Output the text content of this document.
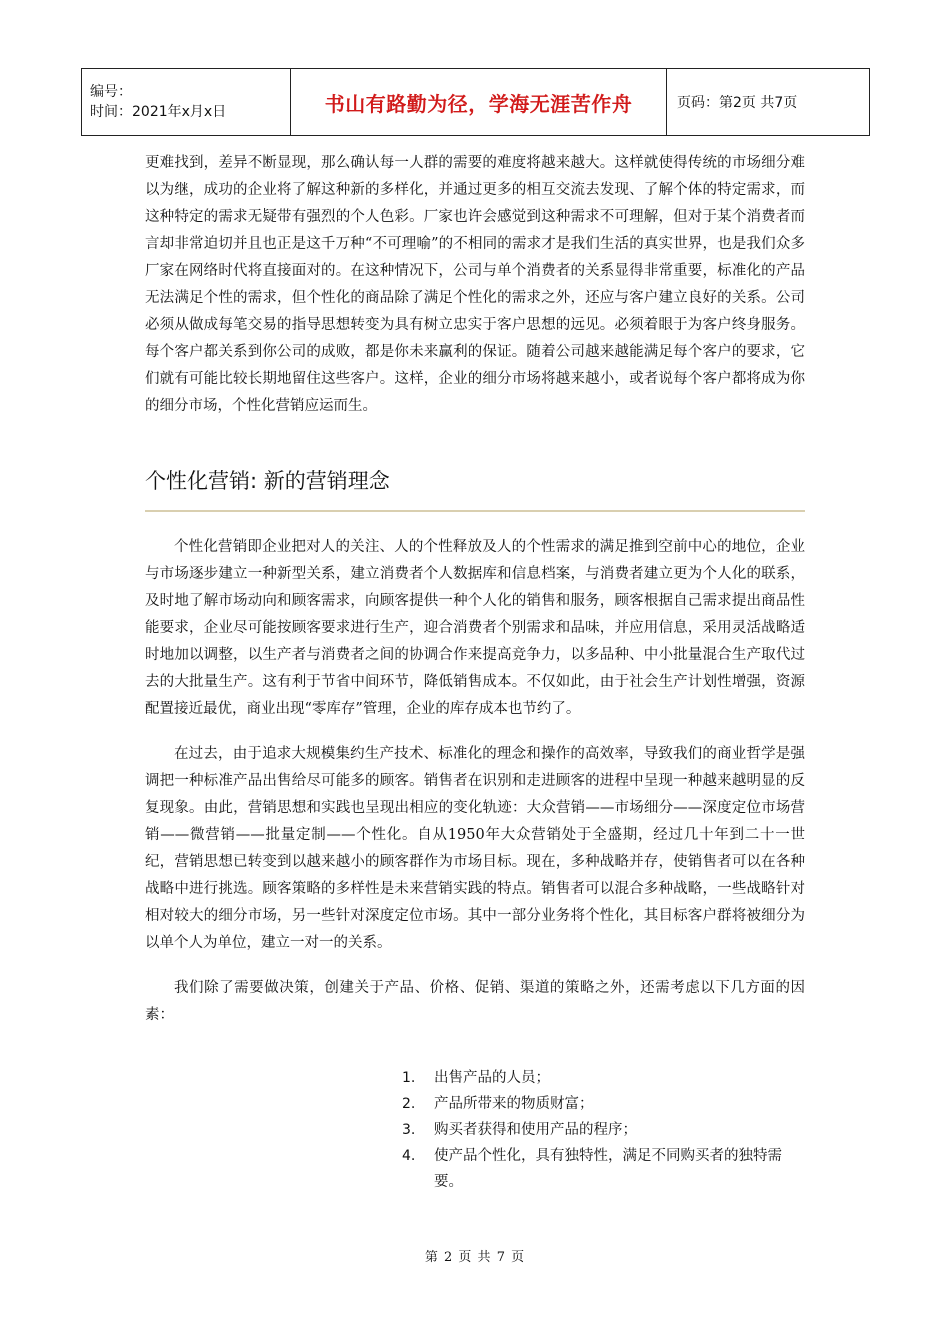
编号：
时间：2021年x月x日	书山有路勤为径，学海无涯苦作舟	页码：第2页 共7页

更难找到，差异不断显现，那么确认每一人群的需要的难度将越来越大。这样就使得传统的市场细分难以为继，成功的企业将了解这种新的多样化，并通过更多的相互交流去发现、了解个体的特定需求，而这种特定的需求无疑带有强烈的个人色彩。厂家也许会感觉到这种需求不可理解，但对于某个消费者而言却非常迫切并且也正是这千万种“不可理喻”的不相同的需求才是我们生活的真实世界，也是我们众多厂家在网络时代将直接面对的。在这种情况下，公司与单个消费者的关系显得非常重要，标准化的产品无法满足个性的需求，但个性化的商品除了满足个性化的需求之外，还应与客户建立良好的关系。公司必须从做成每笔交易的指导思想转变为具有树立忠实于客户思想的远见。必须着眼于为客户终身服务。每个客户都关系到你公司的成败，都是你未来赢利的保证。随着公司越来越能满足每个客户的要求，它们就有可能比较长期地留住这些客户。这样，企业的细分市场将越来越小，或者说每个客户都将成为你的细分市场，个性化营销应运而生。

个性化营销: 新的营销理念

个性化营销即企业把对人的关注、人的个性释放及人的个性需求的满足推到空前中心的地位，企业与市场逐步建立一种新型关系，建立消费者个人数据库和信息档案，与消费者建立更为个人化的联系，及时地了解市场动向和顾客需求，向顾客提供一种个人化的销售和服务，顾客根据自己需求提出商品性能要求，企业尽可能按顾客要求进行生产，迎合消费者个别需求和品味，并应用信息，采用灵活战略适时地加以调整，以生产者与消费者之间的协调合作来提高竞争力，以多品种、中小批量混合生产取代过去的大批量生产。这有利于节省中间环节，降低销售成本。不仅如此，由于社会生产计划性增强，资源配置接近最优，商业出现“零库存”管理，企业的库存成本也节约了。

在过去，由于追求大规模集约生产技术、标准化的理念和操作的高效率，导致我们的商业哲学是强调把一种标准产品出售给尽可能多的顾客。销售者在识别和走进顾客的进程中呈现一种越来越明显的反复现象。由此，营销思想和实践也呈现出相应的变化轨迹：大众营销——市场细分——深度定位市场营销——微营销——批量定制——个性化。自从1950年大众营销处于全盛期，经过几十年到二十一世纪，营销思想已转变到以越来越小的顾客群作为市场目标。现在，多种战略并存，使销售者可以在各种战略中进行挑选。顾客策略的多样性是未来营销实践的特点。销售者可以混合多种战略，一些战略针对相对较大的细分市场，另一些针对深度定位市场。其中一部分业务将个性化，其目标客户群将被细分为以单个人为单位，建立一对一的关系。

我们除了需要做决策，创建关于产品、价格、促销、渠道的策略之外，还需考虑以下几方面的因素：

1. 出售产品的人员；
2. 产品所带来的物质财富；
3. 购买者获得和使用产品的程序；
4. 使产品个性化，具有独特性，满足不同购买者的独特需要。
第 2 页 共 7 页
